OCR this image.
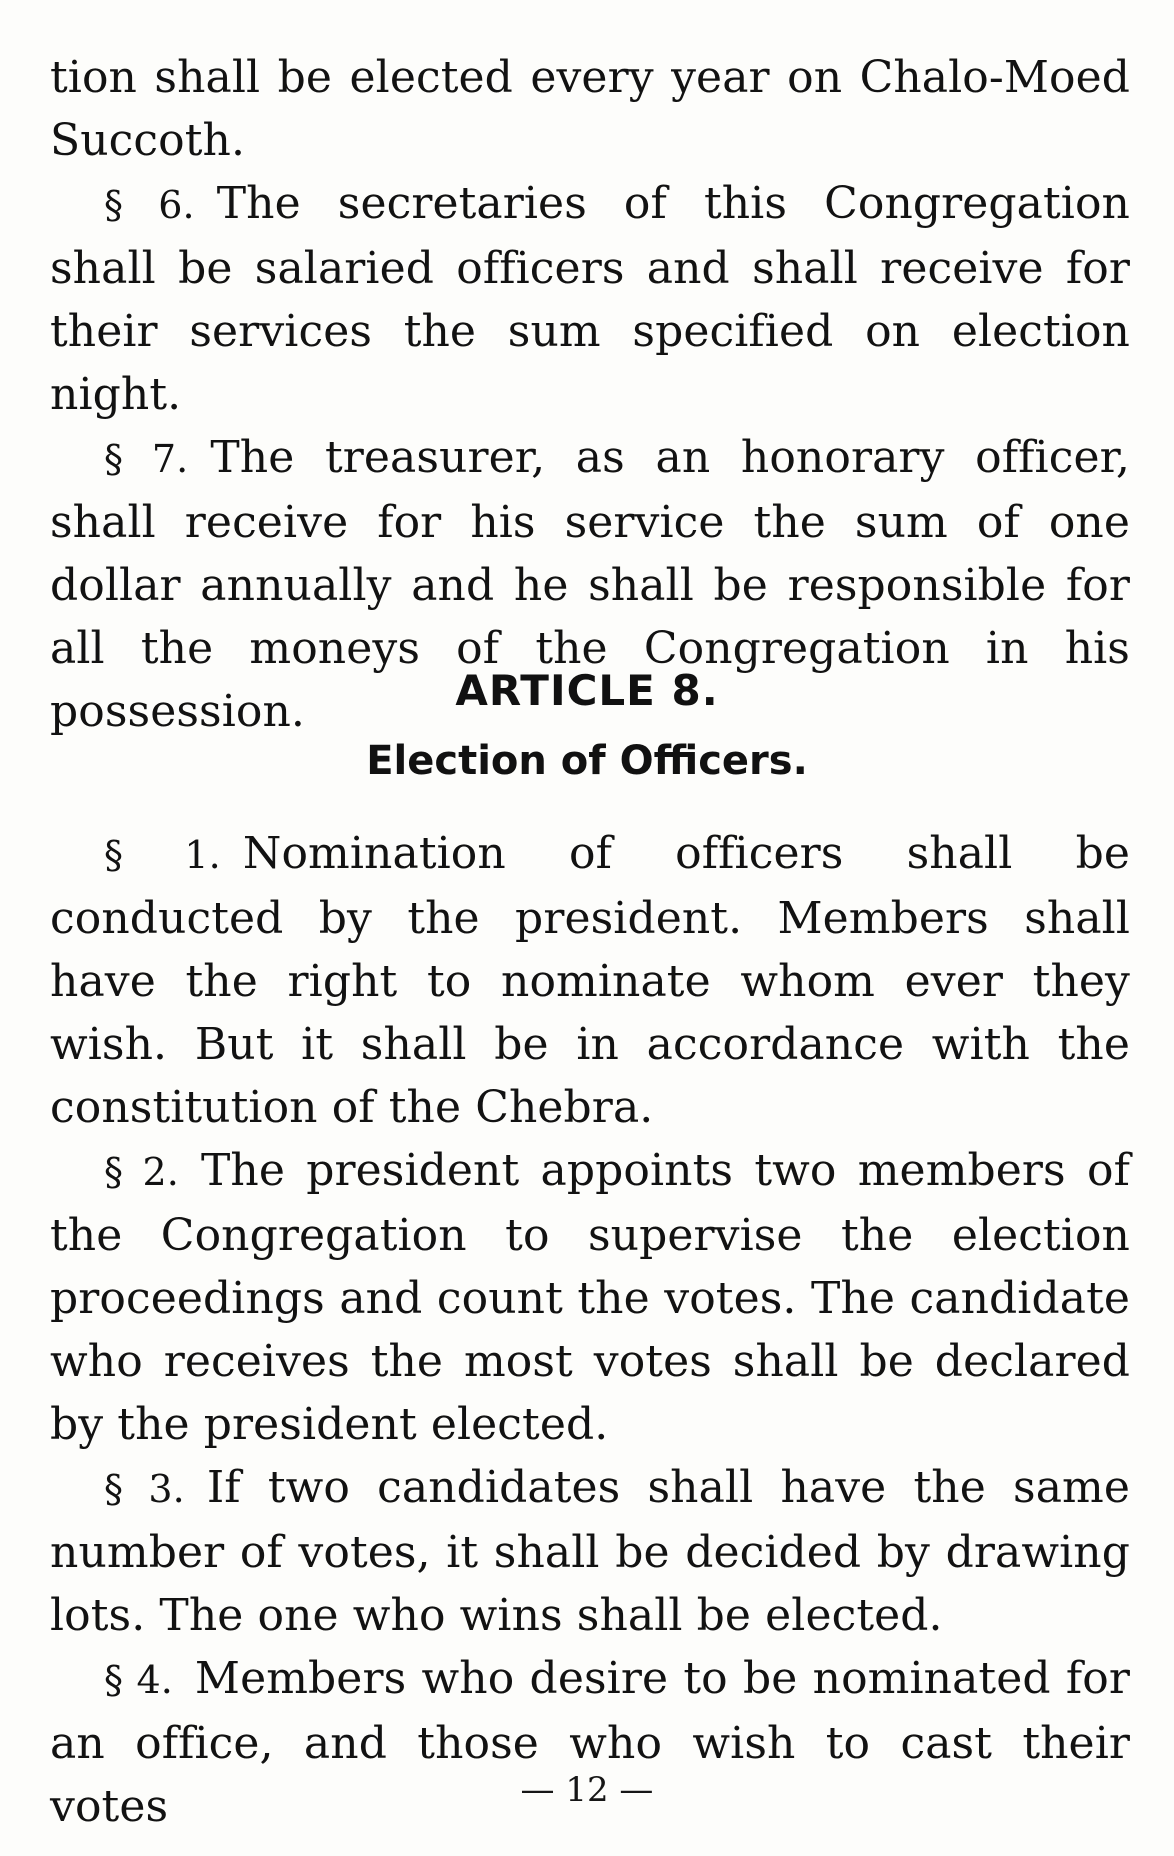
tion shall be elected every year on Chalo-Moed Succoth.

§ 6. The secretaries of this Congregation shall be salaried officers and shall receive for their services the sum specified on election night.

§ 7. The treasurer, as an honorary officer, shall receive for his service the sum of one dollar annually and he shall be responsible for all the moneys of the Congregation in his possession.	ARTICLE 8.
Election of Officers.

§ 1. Nomination of officers shall be conducted by the president. Members shall have the right to nominate whom ever they wish. But it shall be in accordance with the constitution of the Chebra.

§ 2. The president appoints two members of the Congregation to supervise the election proceedings and count the votes. The candidate who receives the most votes shall be declared by the president elected.

§ 3. If two candidates shall have the same number of votes, it shall be decided by drawing lots. The one who wins shall be elected.

§ 4. Members who desire to be nominated for an office, and those who wish to cast their votes	— 12 —
